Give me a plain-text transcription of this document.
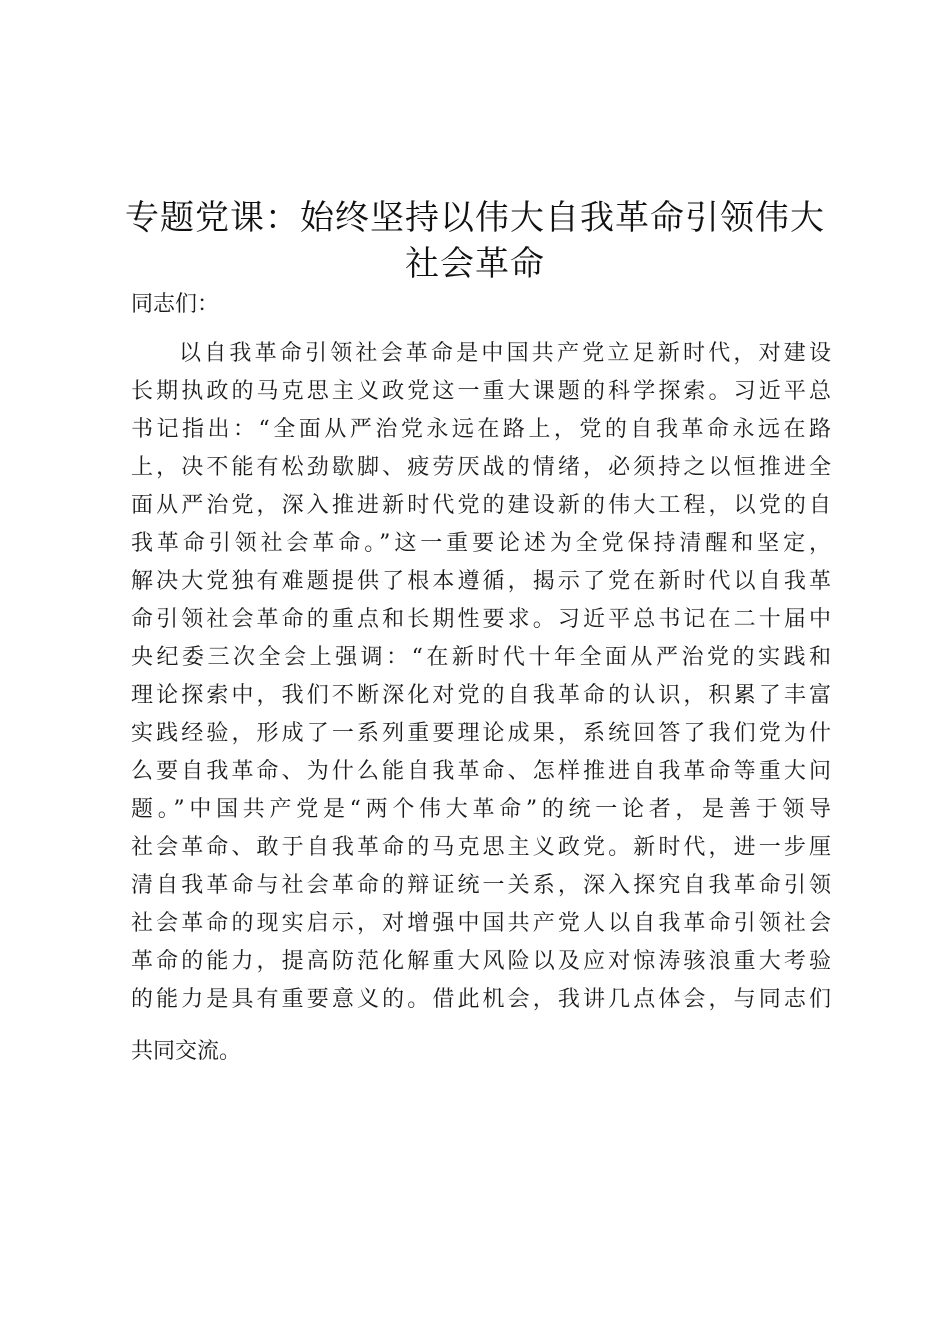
专题党课：始终坚持以伟大自我革命引领伟大
社会革命
同志们：
以自我革命引领社会革命是中国共产党立足新时代，对建设
长期执政的马克思主义政党这一重大课题的科学探索。习近平总
书记指出：“全面从严治党永远在路上，党的自我革命永远在路
上，决不能有松劲歇脚、疲劳厌战的情绪，必须持之以恒推进全
面从严治党，深入推进新时代党的建设新的伟大工程，以党的自
我革命引领社会革命。”这一重要论述为全党保持清醒和坚定，
解决大党独有难题提供了根本遵循，揭示了党在新时代以自我革
命引领社会革命的重点和长期性要求。习近平总书记在二十届中
央纪委三次全会上强调：“在新时代十年全面从严治党的实践和
理论探索中，我们不断深化对党的自我革命的认识，积累了丰富
实践经验，形成了一系列重要理论成果，系统回答了我们党为什
么要自我革命、为什么能自我革命、怎样推进自我革命等重大问
题。”中国共产党是“两个伟大革命”的统一论者，是善于领导
社会革命、敢于自我革命的马克思主义政党。新时代，进一步厘
清自我革命与社会革命的辩证统一关系，深入探究自我革命引领
社会革命的现实启示，对增强中国共产党人以自我革命引领社会
革命的能力，提高防范化解重大风险以及应对惊涛骇浪重大考验
的能力是具有重要意义的。借此机会，我讲几点体会，与同志们
共同交流。
